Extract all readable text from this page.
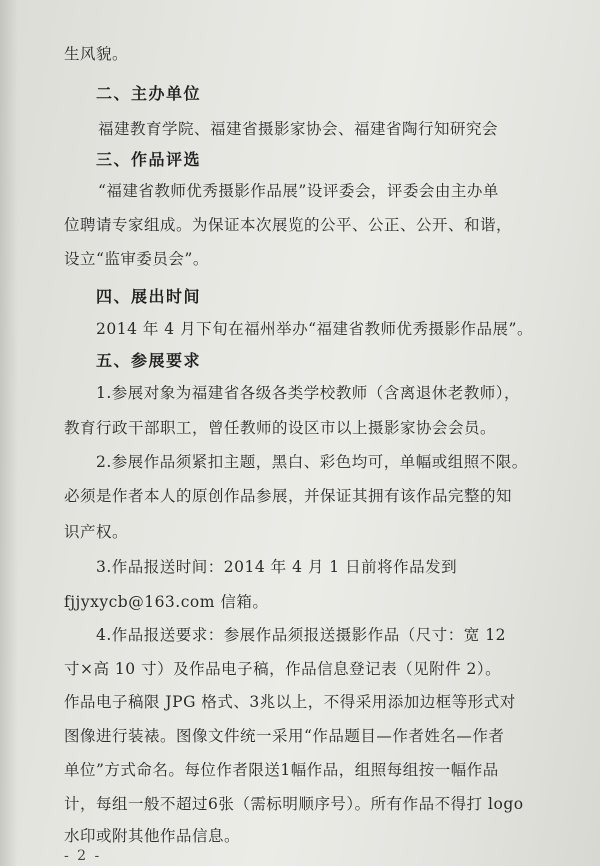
生风貌。
二、主办单位
福建教育学院、福建省摄影家协会、福建省陶行知研究会
三、作品评选
“福建省教师优秀摄影作品展”设评委会，评委会由主办单
位聘请专家组成。为保证本次展览的公平、公正、公开、和谐，
设立“监审委员会”。
四、展出时间
2014 年 4 月下旬在福州举办“福建省教师优秀摄影作品展”。
五、参展要求
1.参展对象为福建省各级各类学校教师（含离退休老教师），
教育行政干部职工，曾任教师的设区市以上摄影家协会会员。
2.参展作品须紧扣主题，黑白、彩色均可，单幅或组照不限。
必须是作者本人的原创作品参展，并保证其拥有该作品完整的知
识产权。
3.作品报送时间：2014 年 4 月 1 日前将作品发到
fjjyxycb@163.com 信箱。
4.作品报送要求：参展作品须报送摄影作品（尺寸：宽 12
寸×高 10 寸）及作品电子稿，作品信息登记表（见附件 2）。
作品电子稿限 JPG 格式、3兆以上，不得采用添加边框等形式对
图像进行装裱。图像文件统一采用“作品题目—作者姓名—作者
单位”方式命名。每位作者限送1幅作品，组照每组按一幅作品
计，每组一般不超过6张（需标明顺序号）。所有作品不得打 logo
水印或附其他作品信息。
- 2 -
